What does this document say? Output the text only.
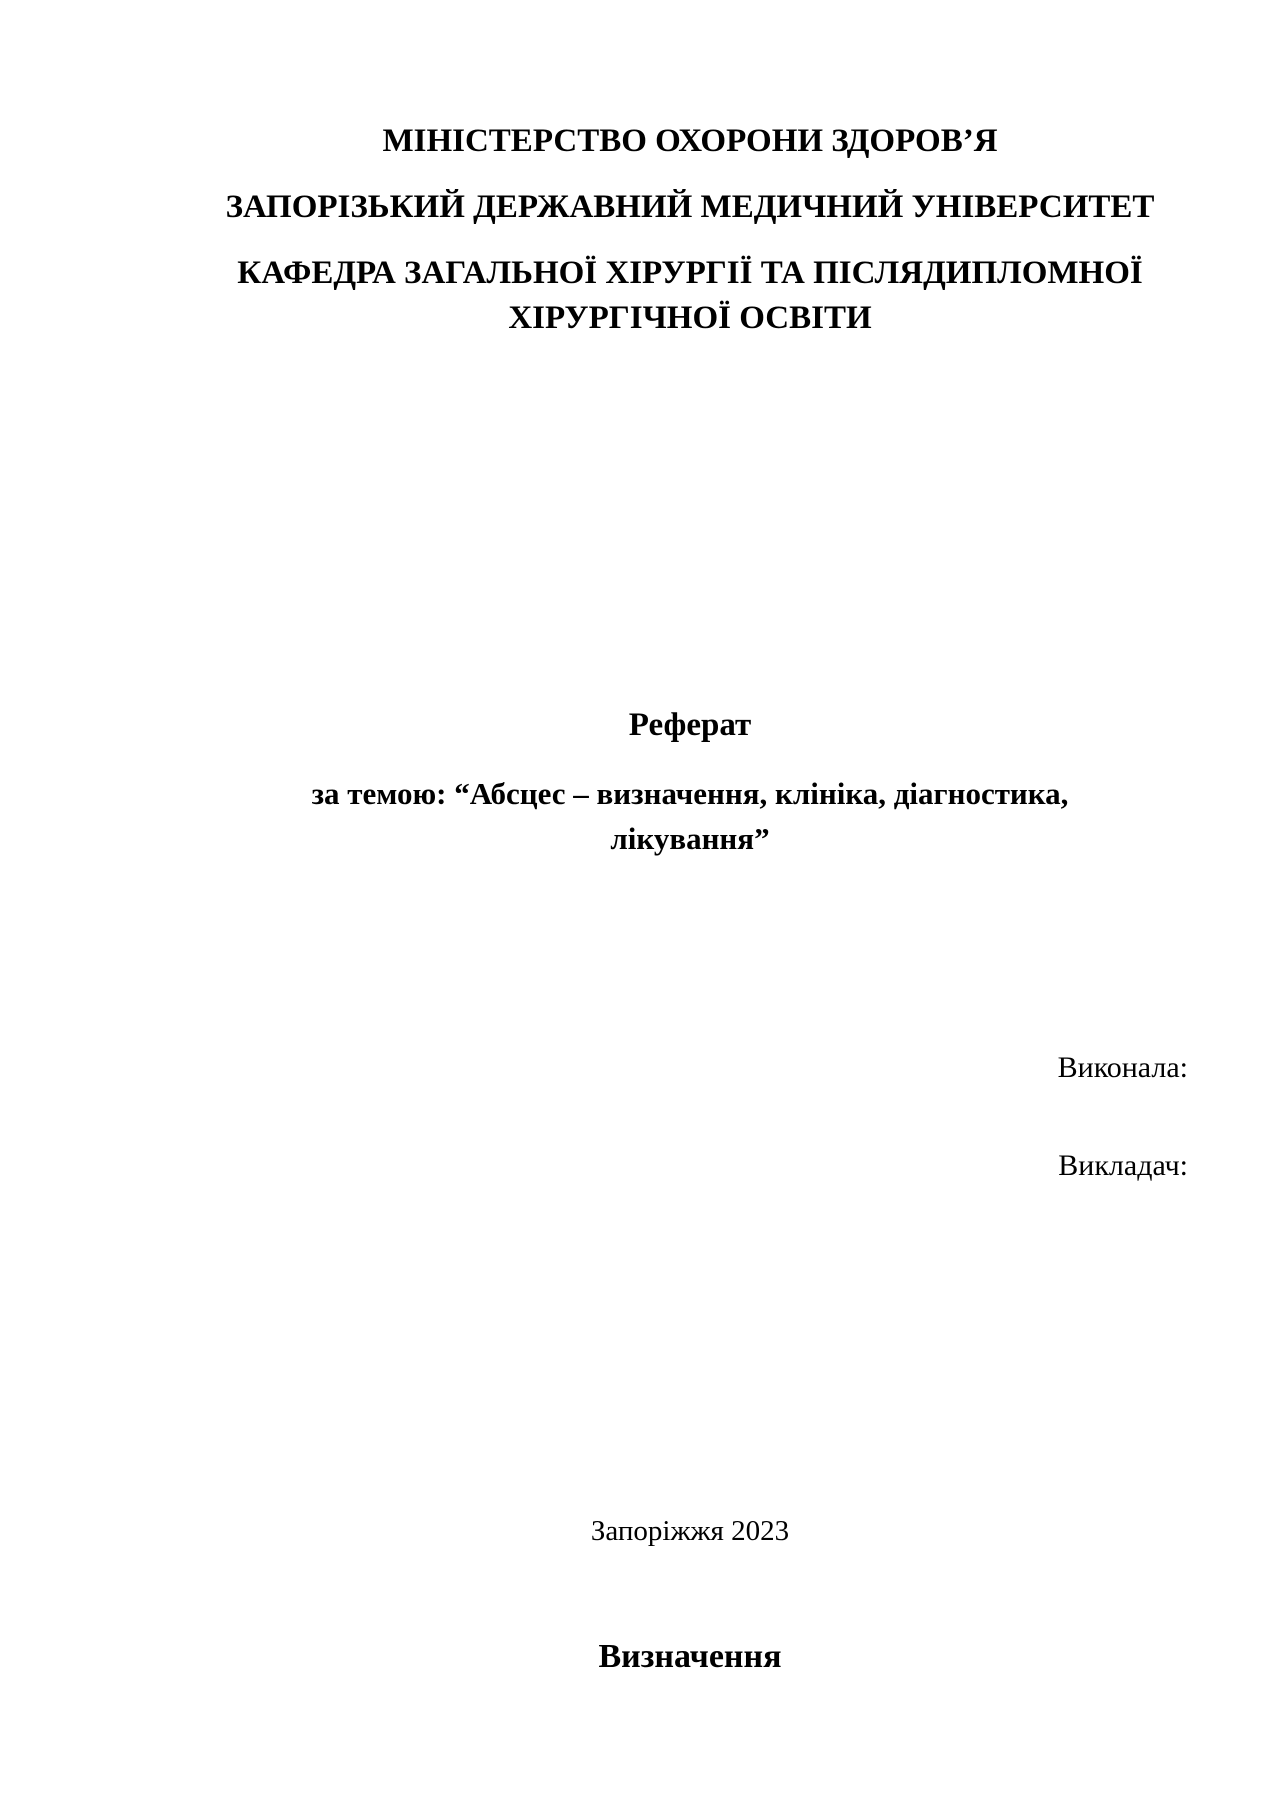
МІНІСТЕРСТВО ОХОРОНИ ЗДОРОВ’Я
ЗАПОРІЗЬКИЙ ДЕРЖАВНИЙ МЕДИЧНИЙ УНІВЕРСИТЕТ
КАФЕДРА ЗАГАЛЬНОЇ ХІРУРГІЇ ТА ПІСЛЯДИПЛОМНОЇ
ХІРУРГІЧНОЇ ОСВІТИ
Реферат
за темою: “Абсцес – визначення, клініка, діагностика,
лікування”
Виконала:
Викладач:
Запоріжжя 2023
Визначення
